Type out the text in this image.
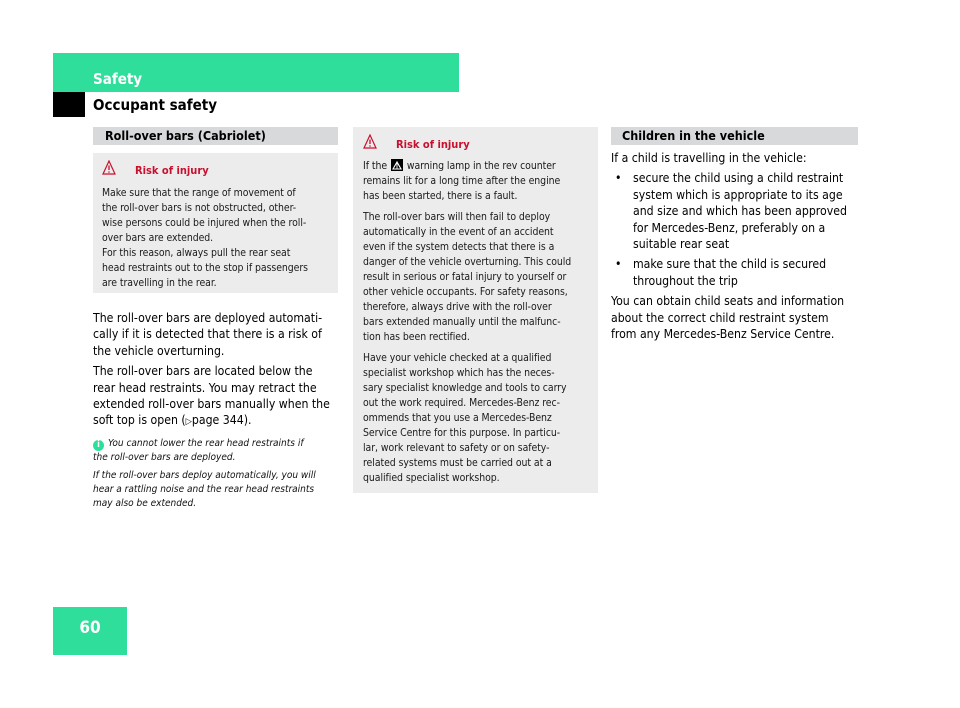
Safety
Occupant safety
Roll-over bars (Cabriolet)
Risk of injury

Make sure that the range of movement of

the roll-over bars is not obstructed, other-

wise persons could be injured when the roll-

over bars are extended.

For this reason, always pull the rear seat

head restraints out to the stop if passengers

are travelling in the rear.

The roll-over bars are deployed automati-

cally if it is detected that there is a risk of

the vehicle overturning.

The roll-over bars are located below the

rear head restraints. You may retract the

extended roll-over bars manually when the

soft top is open (▷page 344).

i You cannot lower the rear head restraints if

the roll-over bars are deployed.

If the roll-over bars deploy automatically, you will

hear a rattling noise and the rear head restraints

may also be extended.

Risk of injury

If the warning lamp in the rev counter

remains lit for a long time after the engine

has been started, there is a fault.

The roll-over bars will then fail to deploy

automatically in the event of an accident

even if the system detects that there is a

danger of the vehicle overturning. This could

result in serious or fatal injury to yourself or

other vehicle occupants. For safety reasons,

therefore, always drive with the roll-over

bars extended manually until the malfunc-

tion has been rectified.

Have your vehicle checked at a qualified

specialist workshop which has the neces-

sary specialist knowledge and tools to carry

out the work required. Mercedes-Benz rec-

ommends that you use a Mercedes-Benz

Service Centre for this purpose. In particu-

lar, work relevant to safety or on safety-

related systems must be carried out at a

qualified specialist workshop.

Children in the vehicle

If a child is travelling in the vehicle:

• secure the child using a child restraint

system which is appropriate to its age

and size and which has been approved

for Mercedes-Benz, preferably on a

suitable rear seat

• make sure that the child is secured

throughout the trip

You can obtain child seats and information

about the correct child restraint system

from any Mercedes-Benz Service Centre.

60
